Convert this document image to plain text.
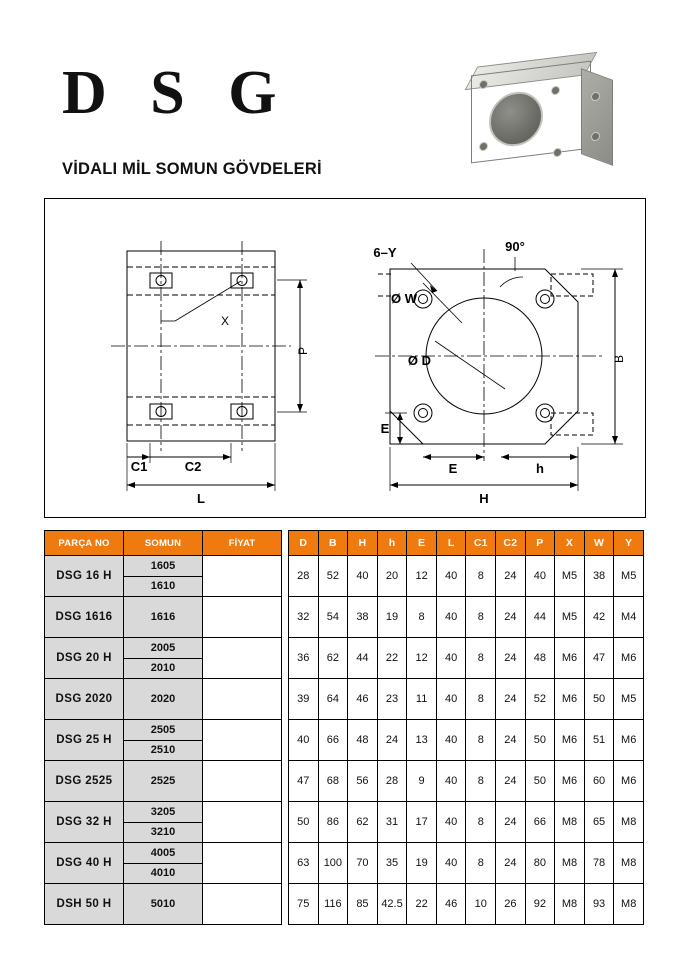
D S G
VİDALI MİL SOMUN GÖVDELERİ
P
B
X
C1	C2
L
90°
6–Y
Ø W
Ø D
E
E	h
H
PARÇA NO	SOMUN	FİYAT
DSG 16 H	1605
1610	

DSG 1616	1616	
DSG 20 H	2005
2010	

DSG 2020	2020	
DSG 25 H	2505
2510	

DSG 2525	2525	
DSG 32 H	3205
3210	

DSG 40 H	4005
4010	

DSH 50 H	5010	
D	B	H	h	E	L	C1	C2	P	X	W	Y
28	52	40	20	12	40	8	24	40	M5	38	M5
32	54	38	19	8	40	8	24	44	M5	42	M4
36	62	44	22	12	40	8	24	48	M6	47	M6
39	64	46	23	11	40	8	24	52	M6	50	M5
40	66	48	24	13	40	8	24	50	M6	51	M6
47	68	56	28	9	40	8	24	50	M6	60	M6
50	86	62	31	17	40	8	24	66	M8	65	M8
63	100	70	35	19	40	8	24	80	M8	78	M8
75	116	85	42.5	22	46	10	26	92	M8	93	M8
